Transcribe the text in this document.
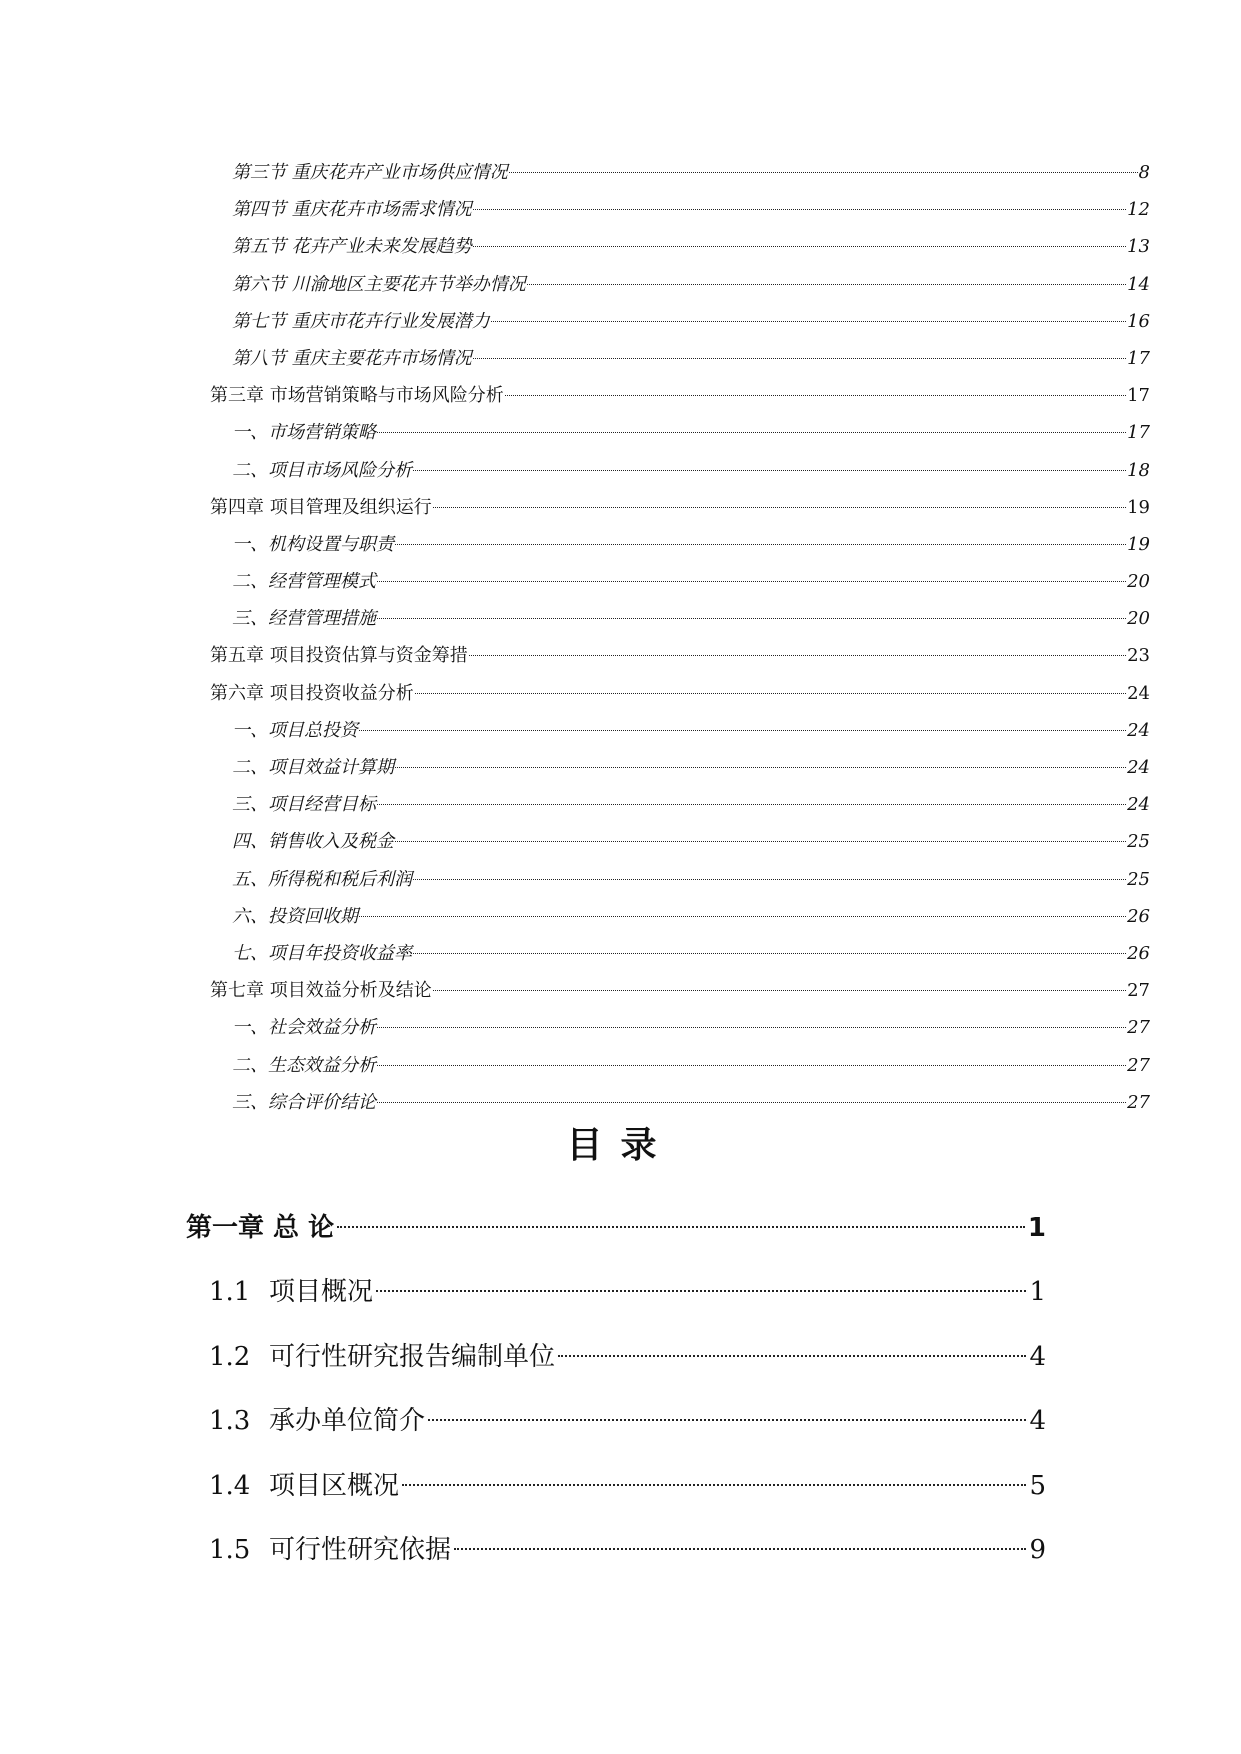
第三节 重庆花卉产业市场供应情况	8
第四节 重庆花卉市场需求情况	12
第五节 花卉产业未来发展趋势	13
第六节 川渝地区主要花卉节举办情况	14
第七节 重庆市花卉行业发展潜力	16
第八节 重庆主要花卉市场情况	17
第三章 市场营销策略与市场风险分析	17
一、市场营销策略	17
二、项目市场风险分析	18
第四章 项目管理及组织运行	19
一、机构设置与职责	19
二、经营管理模式	20
三、经营管理措施	20
第五章 项目投资估算与资金筹措	23
第六章 项目投资收益分析	24
一、项目总投资	24
二、项目效益计算期	24
三、项目经营目标	24
四、销售收入及税金	25
五、所得税和税后利润	25
六、投资回收期	26
七、项目年投资收益率	26
第七章 项目效益分析及结论	27
一、社会效益分析	27
二、生态效益分析	27
三、综合评价结论	27
目录
第一章 总 论	1
1.1 项目概况	1
1.2 可行性研究报告编制单位	4
1.3 承办单位简介	4
1.4 项目区概况	5
1.5 可行性研究依据	9
